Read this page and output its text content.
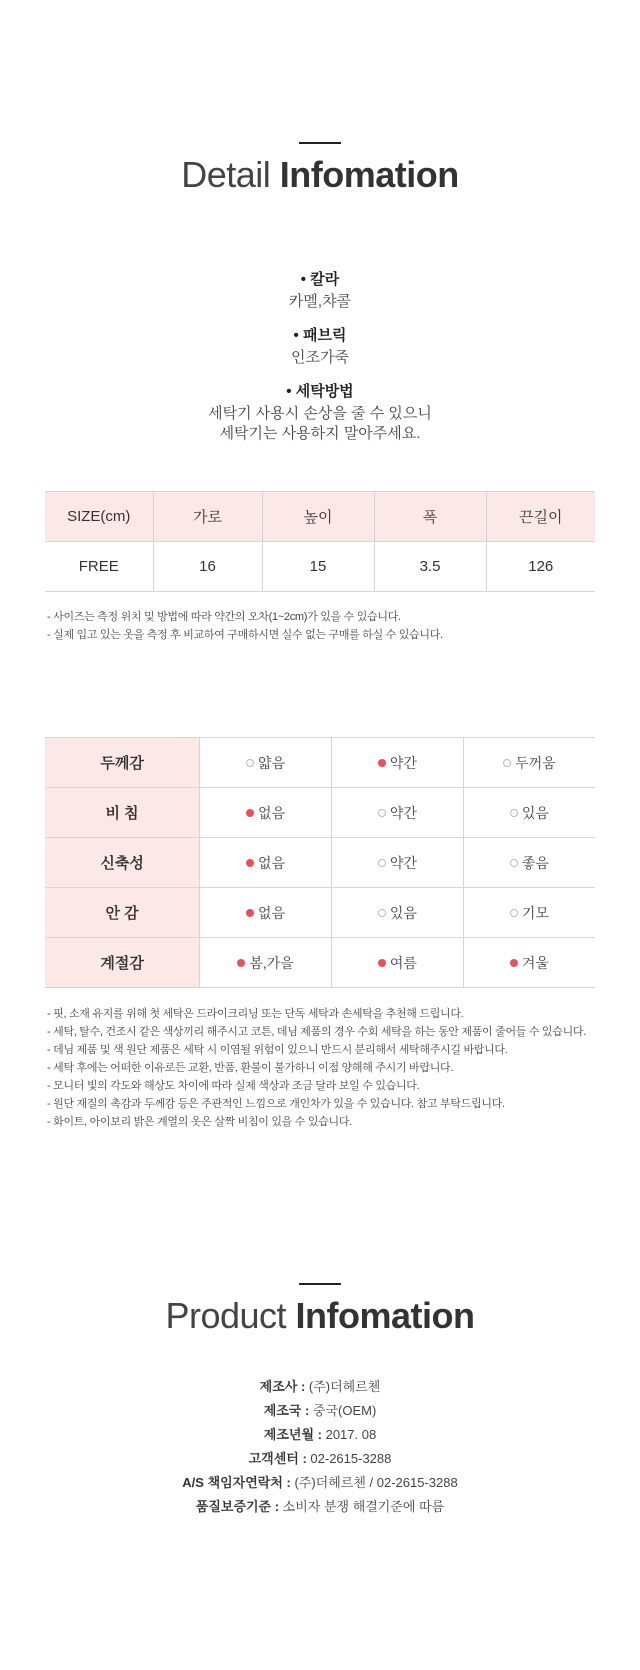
Detail Infomation
• 칼라
카멜,챠콜
• 패브릭
인조가죽
• 세탁방법
세탁기 사용시 손상을 줄 수 있으니
세탁기는 사용하지 말아주세요.
SIZE(cm)	가로	높이	폭	끈길이
FREE	16	15	3.5	126
- 사이즈는 측정 위치 및 방법에 따라 약간의 오차(1~2cm)가 있을 수 있습니다.
- 실제 입고 있는 옷을 측정 후 비교하여 구매하시면 실수 없는 구매를 하실 수 있습니다.
두께감	얇음	약간	두꺼움
비 침	없음	약간	있음
신축성	없음	약간	좋음
안 감	없음	있음	기모
계절감	봄,가을	여름	겨울
- 핏, 소재 유지를 위해 첫 세탁은 드라이크리닝 또는 단독 세탁과 손세탁을 추천해 드립니다.
- 세탁, 탈수, 건조시 같은 색상끼리 해주시고 코튼, 데님 제품의 경우 수회 세탁을 하는 동안 제품이 줄어들 수 있습니다.
- 데님 제품 및 색 원단 제품은 세탁 시 이염될 위험이 있으니 반드시 분리해서 세탁해주시길 바랍니다.
- 세탁 후에는 어떠한 이유로든 교환, 반품, 환불이 불가하니 이점 양해해 주시기 바랍니다.
- 모니터 빛의 각도와 해상도 차이에 따라 실제 색상과 조금 달라 보일 수 있습니다.
- 원단 재질의 촉감과 두께감 등은 주관적인 느낌으로 개인차가 있을 수 있습니다. 참고 부탁드립니다.
- 화이트, 아이보리 밝은 계열의 옷은 살짝 비침이 있을 수 있습니다.
Product Infomation
제조사 : (주)더헤르첸
제조국 : 중국(OEM)
제조년월 : 2017. 08
고객센터 : 02-2615-3288
A/S 책임자연락처 : (주)더헤르첸 / 02-2615-3288
품질보증기준 : 소비자 분쟁 해결기준에 따름
